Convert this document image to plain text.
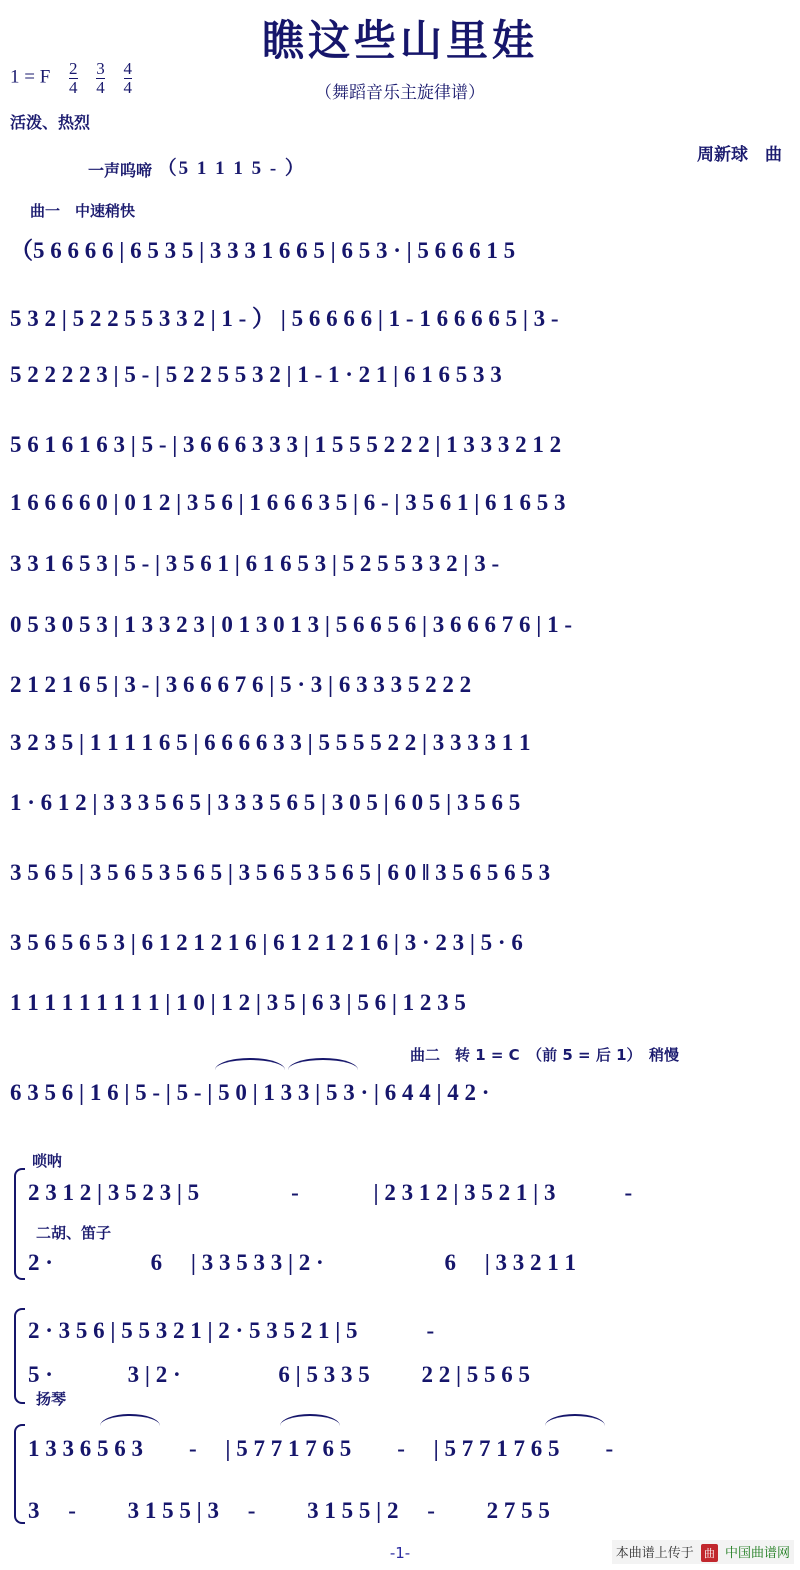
瞧这些山里娃
（舞蹈音乐主旋律谱）
1 = F $\frac{2}{4}$
$\frac{3}{4}$
$\frac{4}{4}$
活泼、热烈
周新球　曲
一声呜啼 （5 1 1 1 5 - ）
曲一　中速稍快
曲二　转 1 = C　（前 5 = 后 1）　稍慢
唢呐
二胡、笛子
扬琴
（5 6 6 6 6 | 6 5 3 5 | 3 3 3 1 6 6 5 | 6 5 3 · | 5 6 6 6 1 5
5 3 2 | 5 2 2 5 5 3 3 2 | 1 - ） | 5 6 6 6 6 | 1 - 1 6 6 6 6 5 | 3 -
5 2 2 2 2 3 | 5 - | 5 2 2 5 5 3 2 | 1 - 1 · 2 1 | 6 1 6 5 3 3
5 6 1 6 1 6 3 | 5 - | 3 6 6 6 3 3 3 | 1 5 5 5 2 2 2 | 1 3 3 3 2 1 2
1 6 6 6 6 0 | 0 1 2 | 3 5 6 | 1 6 6 6 3 5 | 6 - | 3 5 6 1 | 6 1 6 5 3
3 3 1 6 5 3 | 5 - | 3 5 6 1 | 6 1 6 5 3 | 5 2 5 5 3 3 2 | 3 -
0 5 3 0 5 3 | 1 3 3 2 3 | 0 1 3 0 1 3 | 5 6 6 5 6 | 3 6 6 6 7 6 | 1 -
2 1 2 1 6 5 | 3 - | 3 6 6 6 7 6 | 5 · 3 | 6 3 3 3 5 2 2 2
3 2 3 5 | 1 1 1 1 6 5 | 6 6 6 6 3 3 | 5 5 5 5 2 2 | 3 3 3 3 1 1
1 · 6 1 2 | 3 3 3 5 6 5 | 3 3 3 5 6 5 | 3 0 5 | 6 0 5 | 3 5 6 5
3 5 6 5 | 3 5 6 5 3 5 6 5 | 3 5 6 5 3 5 6 5 | 6 0 ‖ 3 5 6 5 6 5 3
3 5 6 5 6 5 3 | 6 1 2 1 2 1 6 | 6 1 2 1 2 1 6 | 3 · 2 3 | 5 · 6
1 1 1 1 1 1 1 1 1 | 1 0 | 1 2 | 3 5 | 6 3 | 5 6 | 1 2 3 5
6 3 5 6 | 1 6 | 5 - | 5 - | 5 0 | 1 3 3 | 5 3 · | 6 4 4 | 4 2 ·
2 3 1 2 | 3 5 2 3 | 5　　　　-　　　 | 2 3 1 2 | 3 5 2 1 | 3　　　-
2 ·　　　　 6　 | 3 3 5 3 3 | 2 ·　　　　　 6　 | 3 3 2 1 1
2 · 3 5 6 | 5 5 3 2 1 | 2 · 5 3 5 2 1 | 5　　　-
5 ·　　　 3 | 2 ·　　　　 6 | 5 3 3 5　　 2 2 | 5 5 6 5
1 3 3 6 5 6 3　　-　 | 5 7 7 1 7 6 5　　-　 | 5 7 7 1 7 6 5　　-
3　 -　　 3 1 5 5 | 3　 -　　 3 1 5 5 | 2　 -　　 2 7 5 5
-1-	本曲谱上传于 曲 中国曲谱网
